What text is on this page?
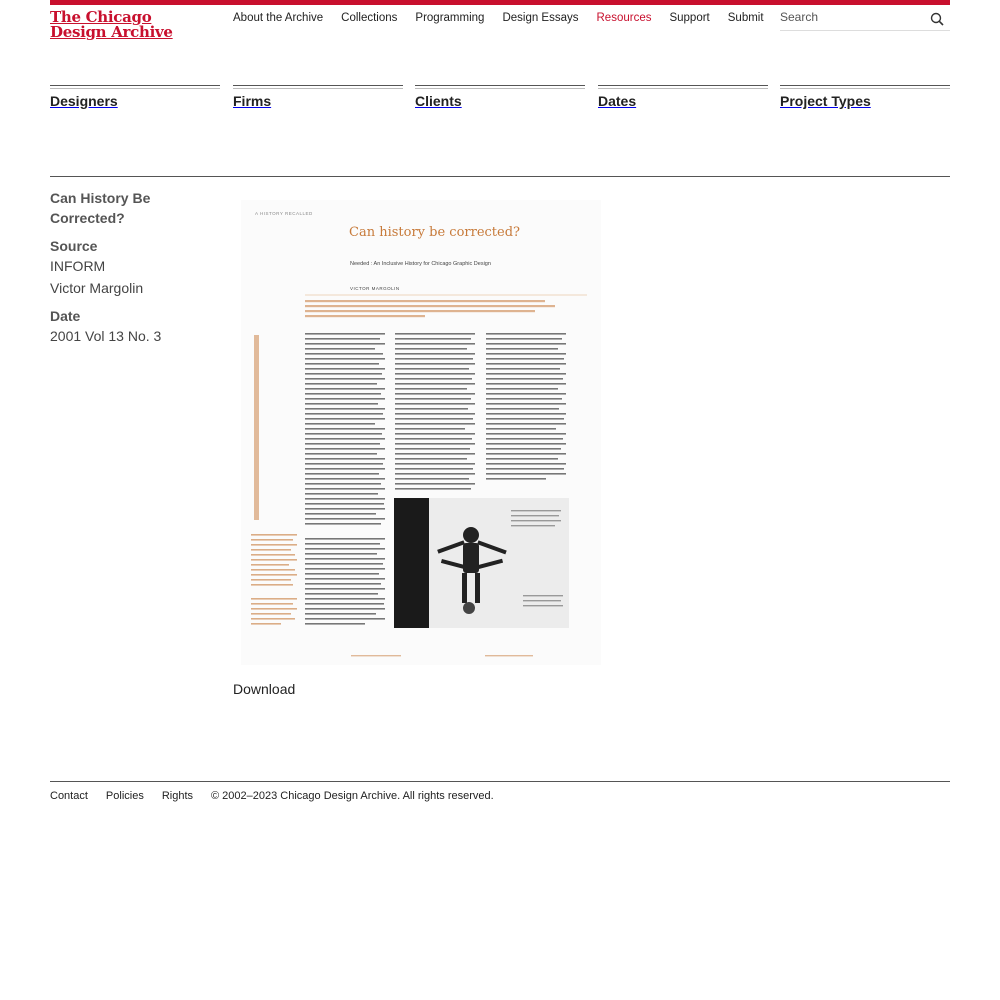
The Chicago
Design Archive
About the Archive Collections Programming Design Essays Resources Support Submit
Search
Designers	Firms	Clients	Dates	Project Types
Can History Be Corrected?
Source
INFORM
Victor Margolin
Date
2001 Vol 13 No. 3
A HISTORY RECALLED
Can history be corrected?
Needed : An Inclusive History for Chicago Graphic Design
VICTOR MARGOLIN
Download
Contact Policies Rights © 2002–2023 Chicago Design Archive. All rights reserved.
